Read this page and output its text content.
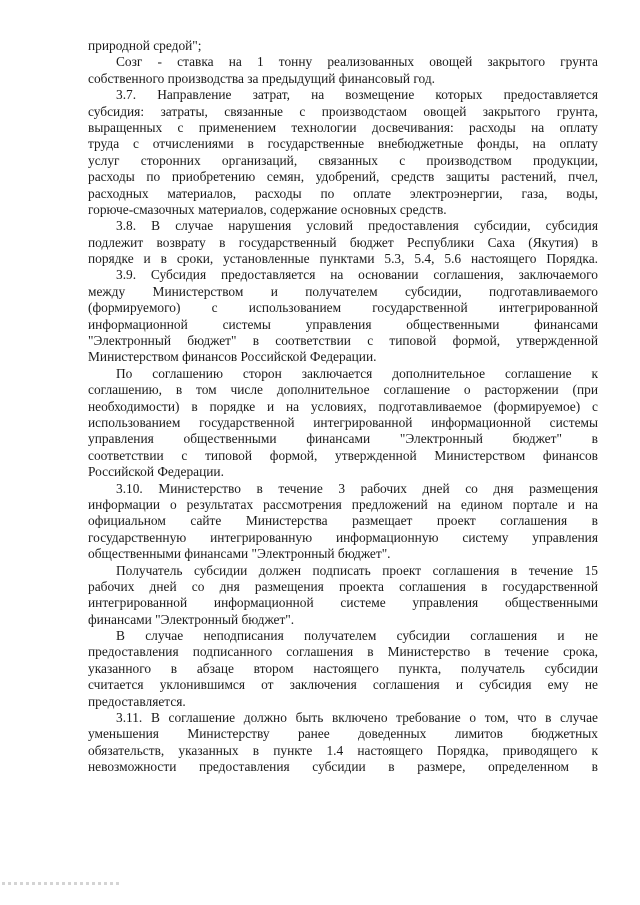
природной средой";
Созг - ставка на 1 тонну реализованных овощей закрытого грунта
собственного производства за предыдущий финансовый год.
3.7. Направление затрат, на возмещение которых предоставляется
субсидия: затраты, связанные с производстаом овощей закрытого грунта,
выращенных с применением технологии досвечивания: расходы на оплату
труда с отчислениями в государственные внебюджетные фонды, на оплату
услуг сторонних организаций, связанных с производством продукции,
расходы по приобретению семян, удобрений, средств защиты растений, пчел,
расходных материалов, расходы по оплате электроэнергии, газа, воды,
горюче-смазочных материалов, содержание основных средств.
3.8. В случае нарушения условий предоставления субсидии, субсидия
подлежит возврату в государственный бюджет Республики Саха (Якутия) в
порядке и в сроки, установленные пунктами 5.3, 5.4, 5.6 настоящего Порядка.
3.9. Субсидия предоставляется на основании соглашения, заключаемого
между Министерством и получателем субсидии, подготавливаемого
(формируемого) с использованием государственной интегрированной
информационной системы управления общественными финансами
"Электронный бюджет" в соответствии с типовой формой, утвержденной
Министерством финансов Российской Федерации.
По соглашению сторон заключается дополнительное соглашение к
соглашению, в том числе дополнительное соглашение о расторжении (при
необходимости) в порядке и на условиях, подготавливаемое (формируемое) с
использованием государственной интегрированной информационной системы
управления общественными финансами "Электронный бюджет" в
соответствии с типовой формой, утвержденной Министерством финансов
Российской Федерации.
3.10. Министерство в течение 3 рабочих дней со дня размещения
информации о результатах рассмотрения предложений на едином портале и на
официальном сайте Министерства размещает проект соглашения в
государственную интегрированную информационную систему управления
общественными финансами "Электронный бюджет".
Получатель субсидии должен подписать проект соглашения в течение 15
рабочих дней со дня размещения проекта соглашения в государственной
интегрированной информационной системе управления общественными
финансами "Электронный бюджет".
В случае неподписания получателем субсидии соглашения и не
предоставления подписанного соглашения в Министерство в течение срока,
указанного в абзаце втором настоящего пункта, получатель субсидии
считается уклонившимся от заключения соглашения и субсидия ему не
предоставляется.
3.11. В соглашение должно быть включено требование о том, что в случае
уменьшения Министерству ранее доведенных лимитов бюджетных
обязательств, указанных в пункте 1.4 настоящего Порядка, приводящего к
невозможности предоставления субсидии в размере, определенном в
